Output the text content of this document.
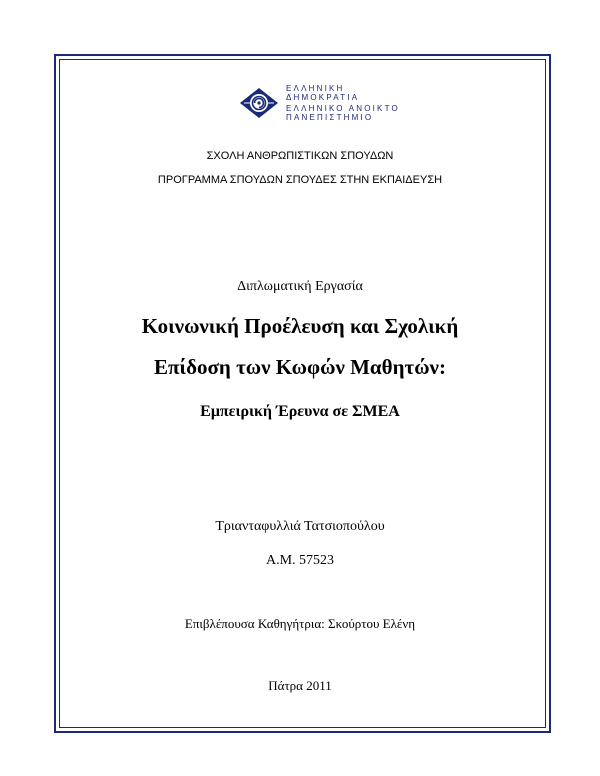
ΕΛΛΗΝΙΚΗ
ΔΗΜΟΚΡΑΤΙΑ
ΕΛΛΗΝΙΚΟ ΑΝΟΙΚΤΟ
ΠΑΝΕΠΙΣΤΗΜΙΟ
ΣΧΟΛΗ ΑΝΘΡΩΠΙΣΤΙΚΩΝ ΣΠΟΥΔΩΝ
ΠΡΟΓΡΑΜΜΑ ΣΠΟΥΔΩΝ ΣΠΟΥΔΕΣ ΣΤΗΝ ΕΚΠΑΙΔΕΥΣΗ
Διπλωματική Εργασία
Κοινωνική Προέλευση και Σχολική
Επίδοση των Κωφών Μαθητών:
Εμπειρική Έρευνα σε ΣΜΕΑ
Τριανταφυλλιά Τατσιοπούλου
Α.Μ. 57523
Επιβλέπουσα Καθηγήτρια: Σκούρτου Ελένη
Πάτρα 2011
